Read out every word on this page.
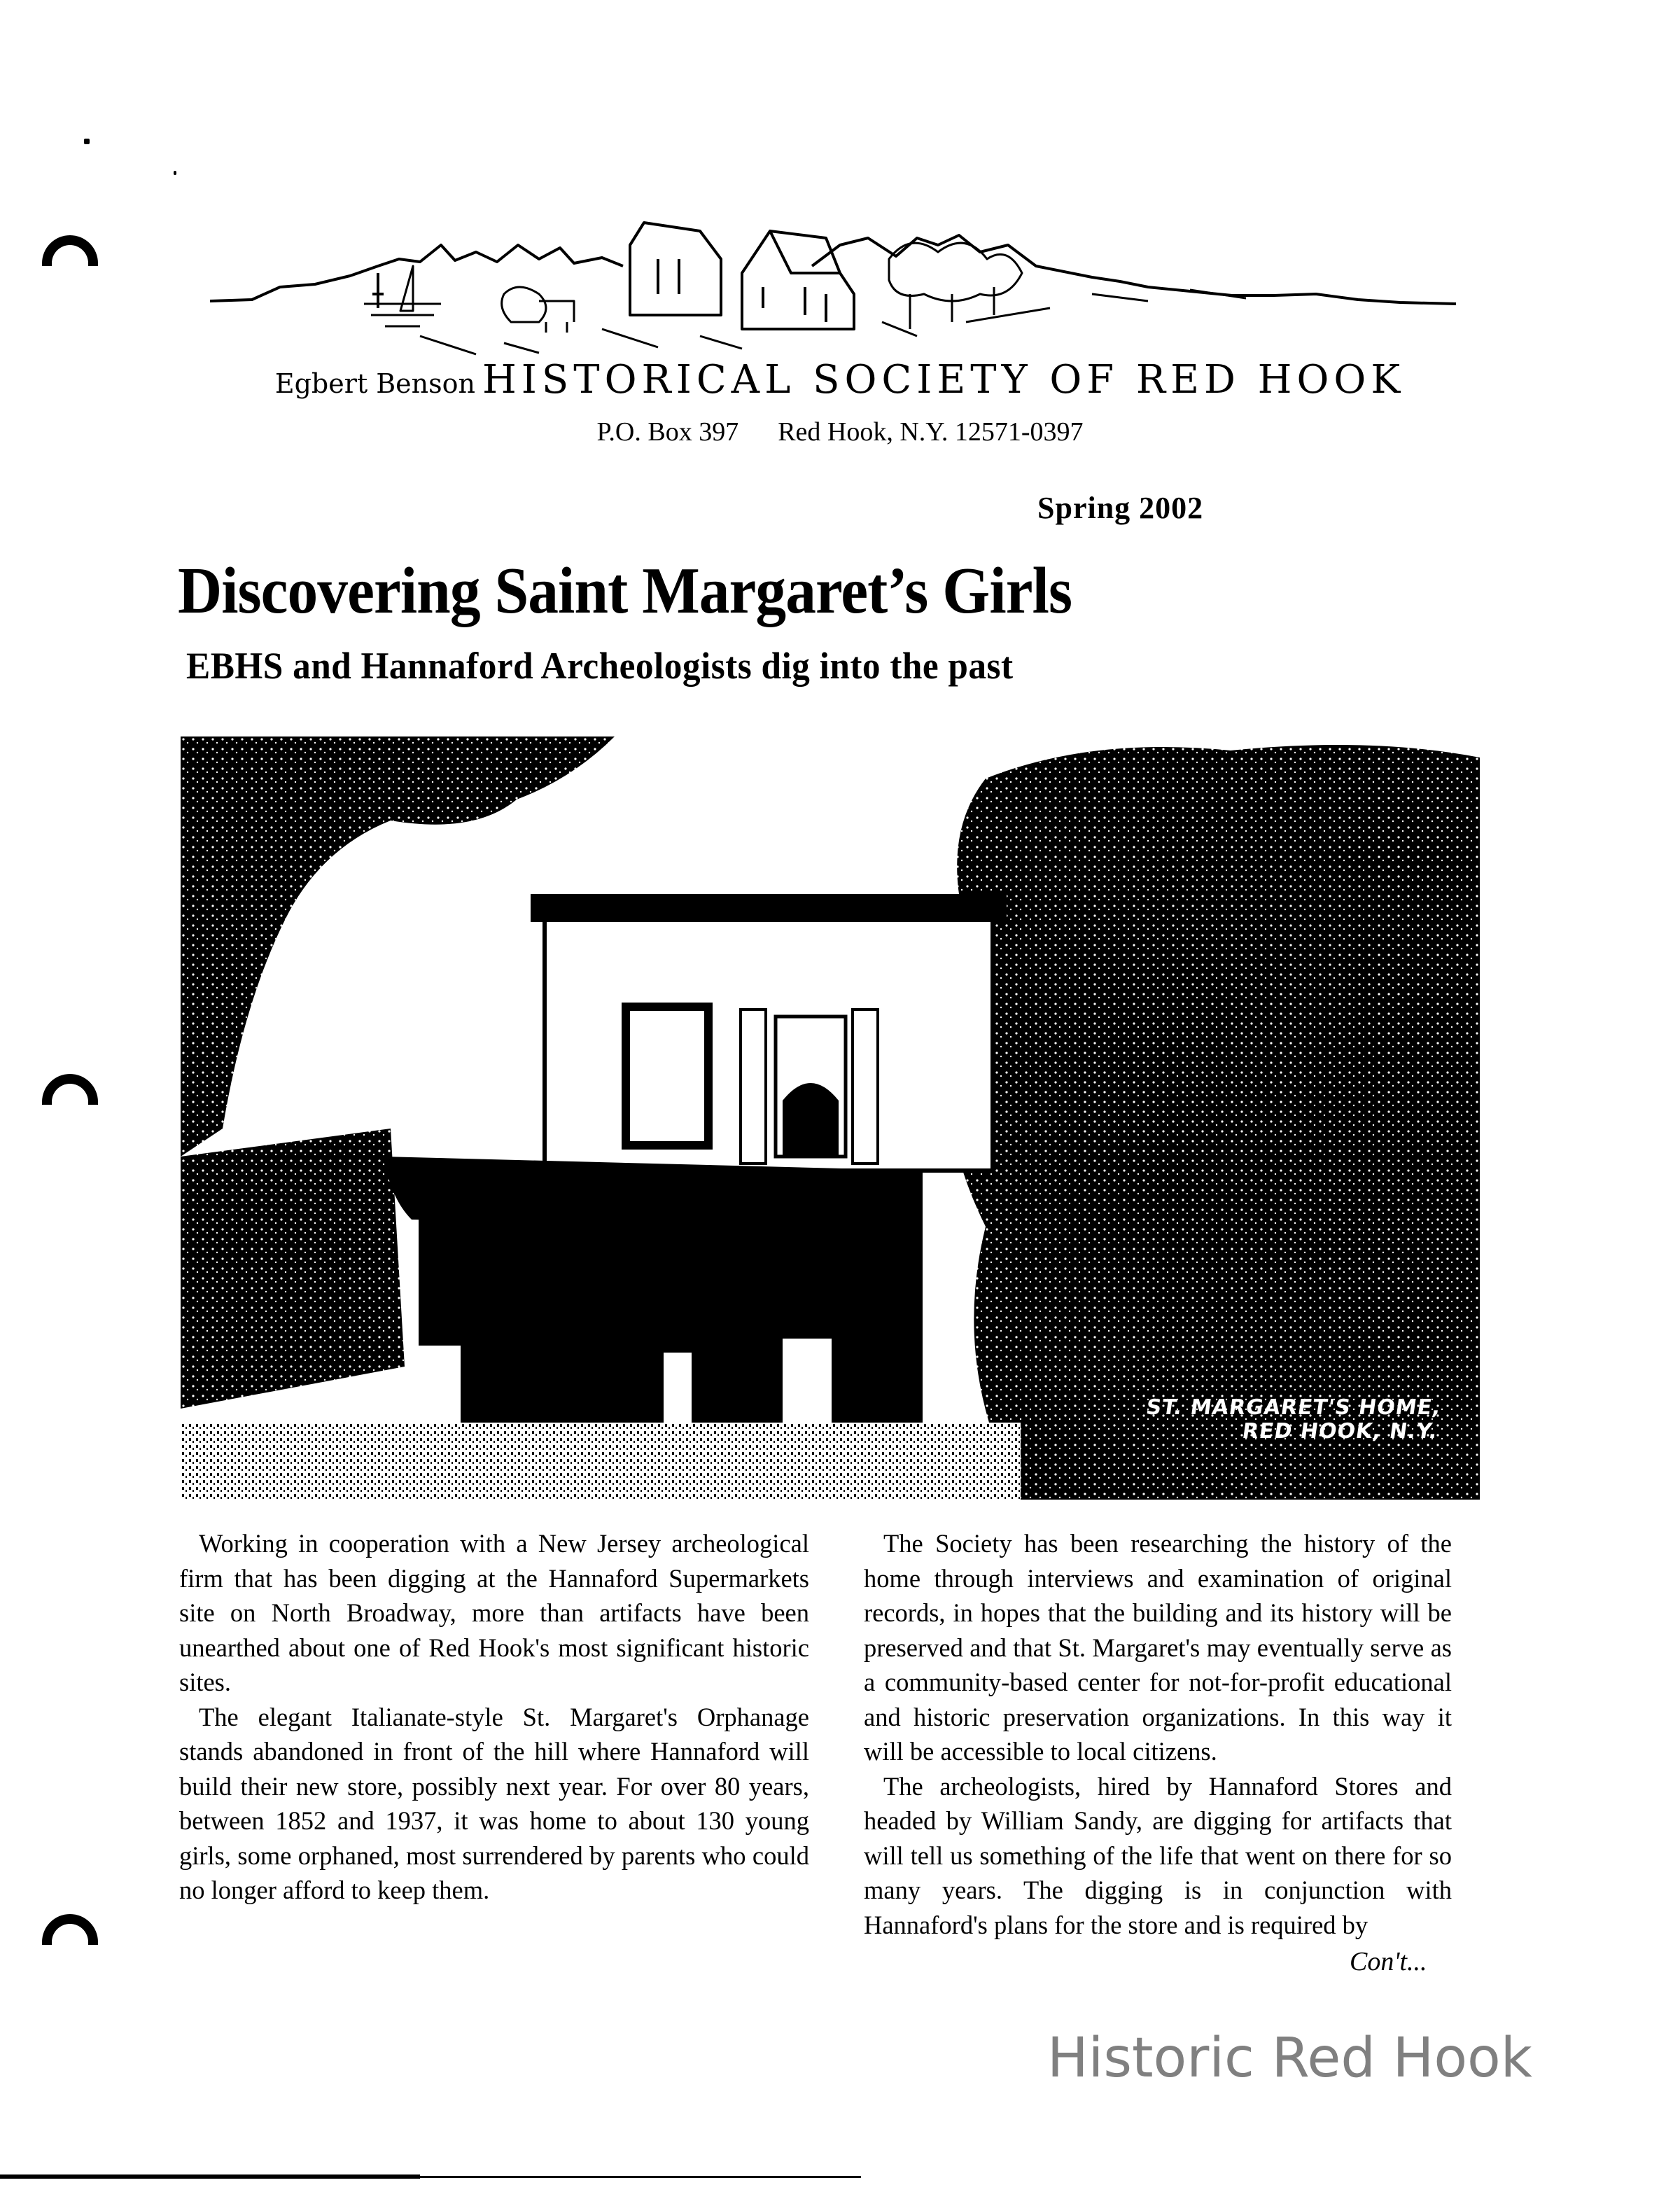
Egbert Benson HISTORICAL SOCIETY OF RED HOOK
P.O. Box 397 Red Hook, N.Y. 12571-0397
Spring 2002
Discovering Saint Margaret’s Girls
EBHS and Hannaford Archeologists dig into the past
ST. MARGARET'S HOME,
RED HOOK, N.Y.

Working in cooperation with a New Jersey archeological firm that has been digging at the Hannaford Supermarkets site on North Broadway, more than artifacts have been unearthed about one of Red Hook's most significant historic sites.

The elegant Italianate-style St. Margaret's Orphanage stands abandoned in front of the hill where Hannaford will build their new store, possibly next year. For over 80 years, between 1852 and 1937, it was home to about 130 young girls, some orphaned, most surrendered by parents who could no longer afford to keep them.

The Society has been researching the history of the home through interviews and examination of original records, in hopes that the building and its history will be preserved and that St. Margaret's may eventually serve as a community-based center for not-for-profit educational and historic preservation organizations. In this way it will be accessible to local citizens.

The archeologists, hired by Hannaford Stores and headed by William Sandy, are digging for artifacts that will tell us something of the life that went on there for so many years. The digging is in conjunction with Hannaford's plans for the store and is required by

Con't...
Historic Red Hook
